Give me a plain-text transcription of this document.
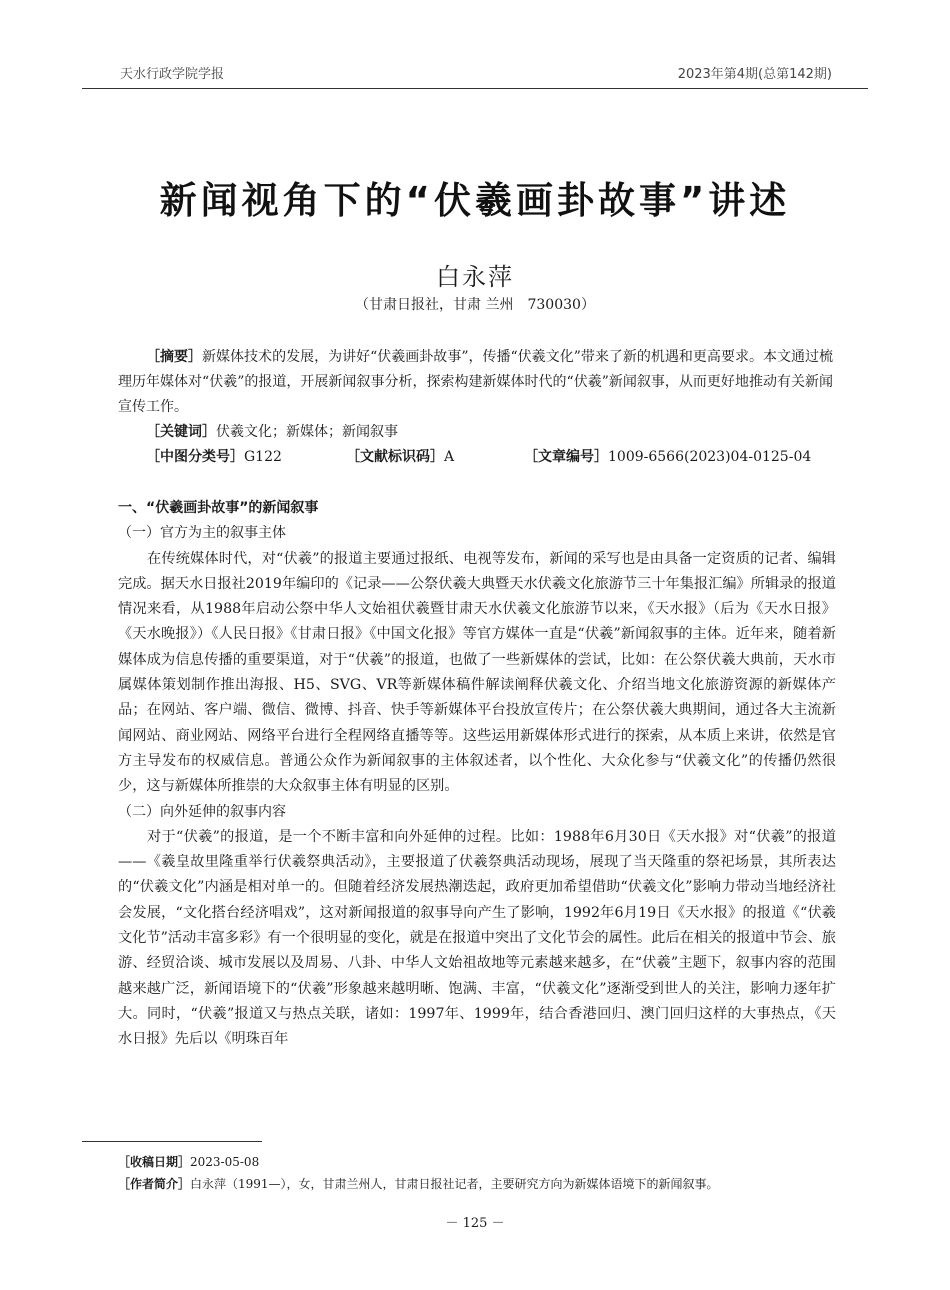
天水行政学院学报	2023年第4期(总第142期)
新闻视角下的“伏羲画卦故事”讲述
白永萍
（甘肃日报社，甘肃 兰州　730030）

［摘要］新媒体技术的发展，为讲好“伏羲画卦故事”，传播“伏羲文化”带来了新的机遇和更高要求。本文通过梳理历年媒体对“伏羲”的报道，开展新闻叙事分析，探索构建新媒体时代的“伏羲”新闻叙事，从而更好地推动有关新闻宣传工作。

［关键词］伏羲文化；新媒体；新闻叙事

［中图分类号］G122	［文献标识码］A	［文章编号］1009-6566(2023)04-0125-04

一、“伏羲画卦故事”的新闻叙事

（一）官方为主的叙事主体

在传统媒体时代，对“伏羲”的报道主要通过报纸、电视等发布，新闻的采写也是由具备一定资质的记者、编辑完成。据天水日报社2019年编印的《记录——公祭伏羲大典暨天水伏羲文化旅游节三十年集报汇编》所辑录的报道情况来看，从1988年启动公祭中华人文始祖伏羲暨甘肃天水伏羲文化旅游节以来，《天水报》（后为《天水日报》《天水晚报》）《人民日报》《甘肃日报》《中国文化报》等官方媒体一直是“伏羲”新闻叙事的主体。近年来，随着新媒体成为信息传播的重要渠道，对于“伏羲”的报道，也做了一些新媒体的尝试，比如：在公祭伏羲大典前，天水市属媒体策划制作推出海报、H5、SVG、VR等新媒体稿件解读阐释伏羲文化、介绍当地文化旅游资源的新媒体产品；在网站、客户端、微信、微博、抖音、快手等新媒体平台投放宣传片；在公祭伏羲大典期间，通过各大主流新闻网站、商业网站、网络平台进行全程网络直播等等。这些运用新媒体形式进行的探索，从本质上来讲，依然是官方主导发布的权威信息。普通公众作为新闻叙事的主体叙述者，以个性化、大众化参与“伏羲文化”的传播仍然很少，这与新媒体所推崇的大众叙事主体有明显的区别。

（二）向外延伸的叙事内容

对于“伏羲”的报道，是一个不断丰富和向外延伸的过程。比如：1988年6月30日《天水报》对“伏羲”的报道——《羲皇故里隆重举行伏羲祭典活动》，主要报道了伏羲祭典活动现场，展现了当天隆重的祭祀场景，其所表达的“伏羲文化”内涵是相对单一的。但随着经济发展热潮迭起，政府更加希望借助“伏羲文化”影响力带动当地经济社会发展，“文化搭台经济唱戏”，这对新闻报道的叙事导向产生了影响，1992年6月19日《天水报》的报道《“伏羲文化节”活动丰富多彩》有一个很明显的变化，就是在报道中突出了文化节会的属性。此后在相关的报道中节会、旅游、经贸洽谈、城市发展以及周易、八卦、中华人文始祖故地等元素越来越多，在“伏羲”主题下，叙事内容的范围越来越广泛，新闻语境下的“伏羲”形象越来越明晰、饱满、丰富，“伏羲文化”逐渐受到世人的关注，影响力逐年扩大。同时，“伏羲”报道又与热点关联，诸如：1997年、1999年，结合香港回归、澳门回归这样的大事热点，《天水日报》先后以《明珠百年

［收稿日期］2023-05-08
［作者简介］白永萍（1991—），女，甘肃兰州人，甘肃日报社记者，主要研究方向为新媒体语境下的新闻叙事。
－ 125 －
